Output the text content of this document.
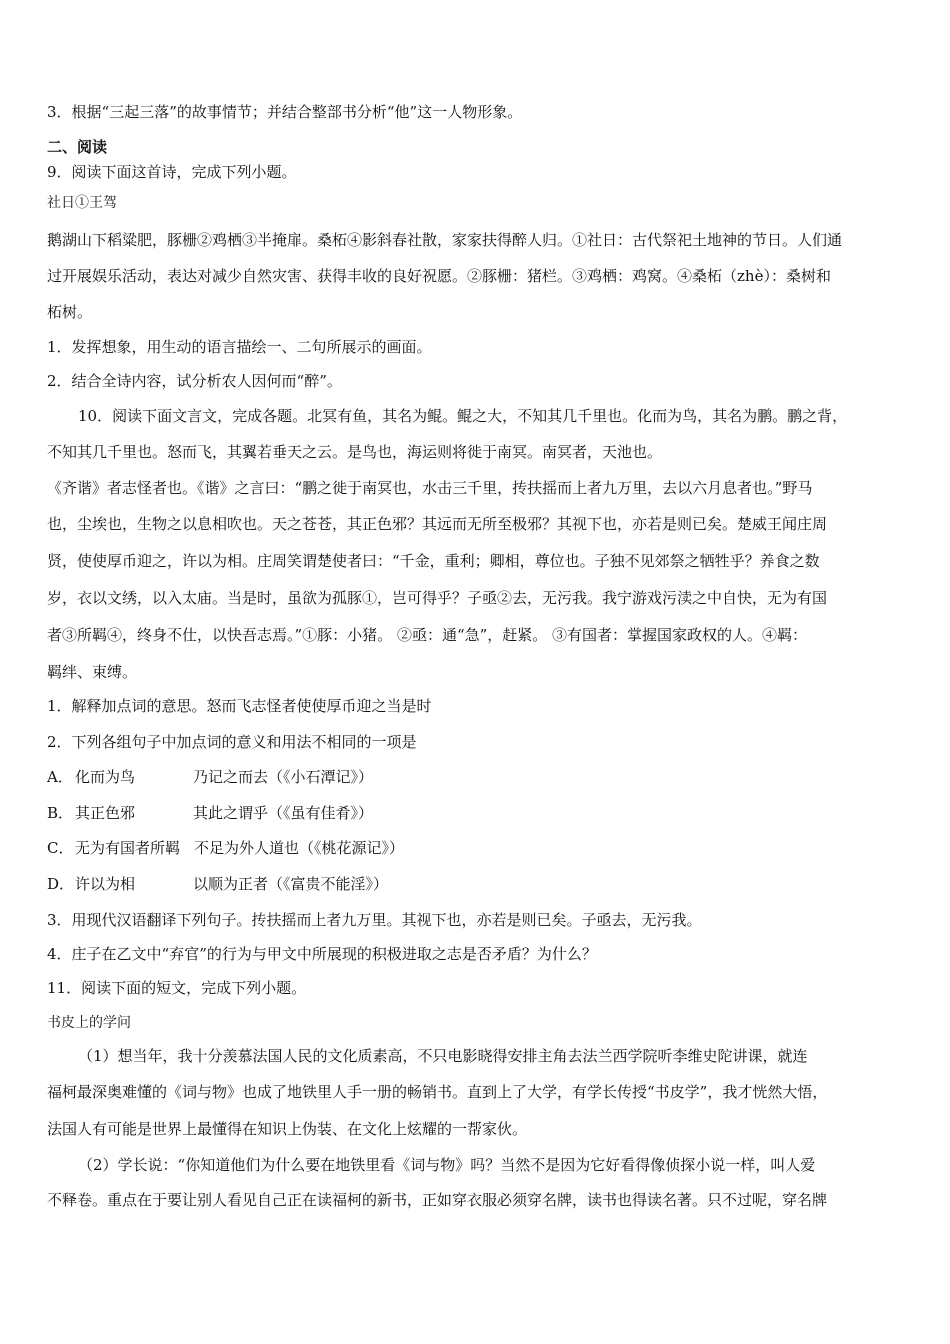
3．根据“三起三落”的故事情节；并结合整部书分析“他”这一人物形象。
二、阅读
9．阅读下面这首诗，完成下列小题。
社日①王驾
鹅湖山下稻粱肥，豚栅②鸡栖③半掩扉。桑柘④影斜春社散，家家扶得醉人归。①社日：古代祭祀土地神的节日。人们通
过开展娱乐活动，表达对减少自然灾害、获得丰收的良好祝愿。②豚栅：猪栏。③鸡栖：鸡窝。④桑柘（zhè）：桑树和
柘树。
1．发挥想象，用生动的语言描绘一、二句所展示的画面。
2．结合全诗内容，试分析农人因何而“醉”。
10．阅读下面文言文，完成各题。北冥有鱼，其名为鲲。鲲之大，不知其几千里也。化而为鸟，其名为鹏。鹏之背，
不知其几千里也。怒而飞，其翼若垂天之云。是鸟也，海运则将徙于南冥。南冥者，天池也。
《齐谐》者志怪者也。《谐》之言曰：“鹏之徙于南冥也，水击三千里，抟扶摇而上者九万里，去以六月息者也。”野马
也，尘埃也，生物之以息相吹也。天之苍苍，其正色邪？其远而无所至极邪？其视下也，亦若是则已矣。楚威王闻庄周
贤，使使厚币迎之，许以为相。庄周笑谓楚使者曰：“千金，重利；卿相，尊位也。子独不见郊祭之牺牲乎？养食之数
岁，衣以文绣，以入太庙。当是时，虽欲为孤豚①，岂可得乎？子亟②去，无污我。我宁游戏污渎之中自快，无为有国
者③所羁④，终身不仕，以快吾志焉。”①豚：小猪。 ②亟：通“急”，赶紧。 ③有国者：掌握国家政权的人。④羁：
羁绊、束缚。
1．解释加点词的意思。怒而飞志怪者使使厚币迎之当是时
2．下列各组句子中加点词的意义和用法不相同的一项是
A． 化而为鸟	乃记之而去（《小石潭记》）
B． 其正色邪	其此之谓乎（《虽有佳肴》）
C． 无为有国者所羁 不足为外人道也（《桃花源记》）
D．许以为相	以顺为正者（《富贵不能淫》）
3．用现代汉语翻译下列句子。抟扶摇而上者九万里。其视下也，亦若是则已矣。子亟去，无污我。
4．庄子在乙文中“弃官”的行为与甲文中所展现的积极进取之志是否矛盾？为什么？
11．阅读下面的短文，完成下列小题。
书皮上的学问
（1）想当年，我十分羡慕法国人民的文化质素高，不只电影晓得安排主角去法兰西学院听李维史陀讲课，就连
福柯最深奥难懂的《词与物》也成了地铁里人手一册的畅销书。直到上了大学，有学长传授“书皮学”，我才恍然大悟，
法国人有可能是世界上最懂得在知识上伪装、在文化上炫耀的一帮家伙。
（2）学长说：“你知道他们为什么要在地铁里看《词与物》吗？当然不是因为它好看得像侦探小说一样，叫人爱
不释卷。重点在于要让别人看见自己正在读福柯的新书，正如穿衣服必须穿名牌，读书也得读名著。只不过呢，穿名牌
